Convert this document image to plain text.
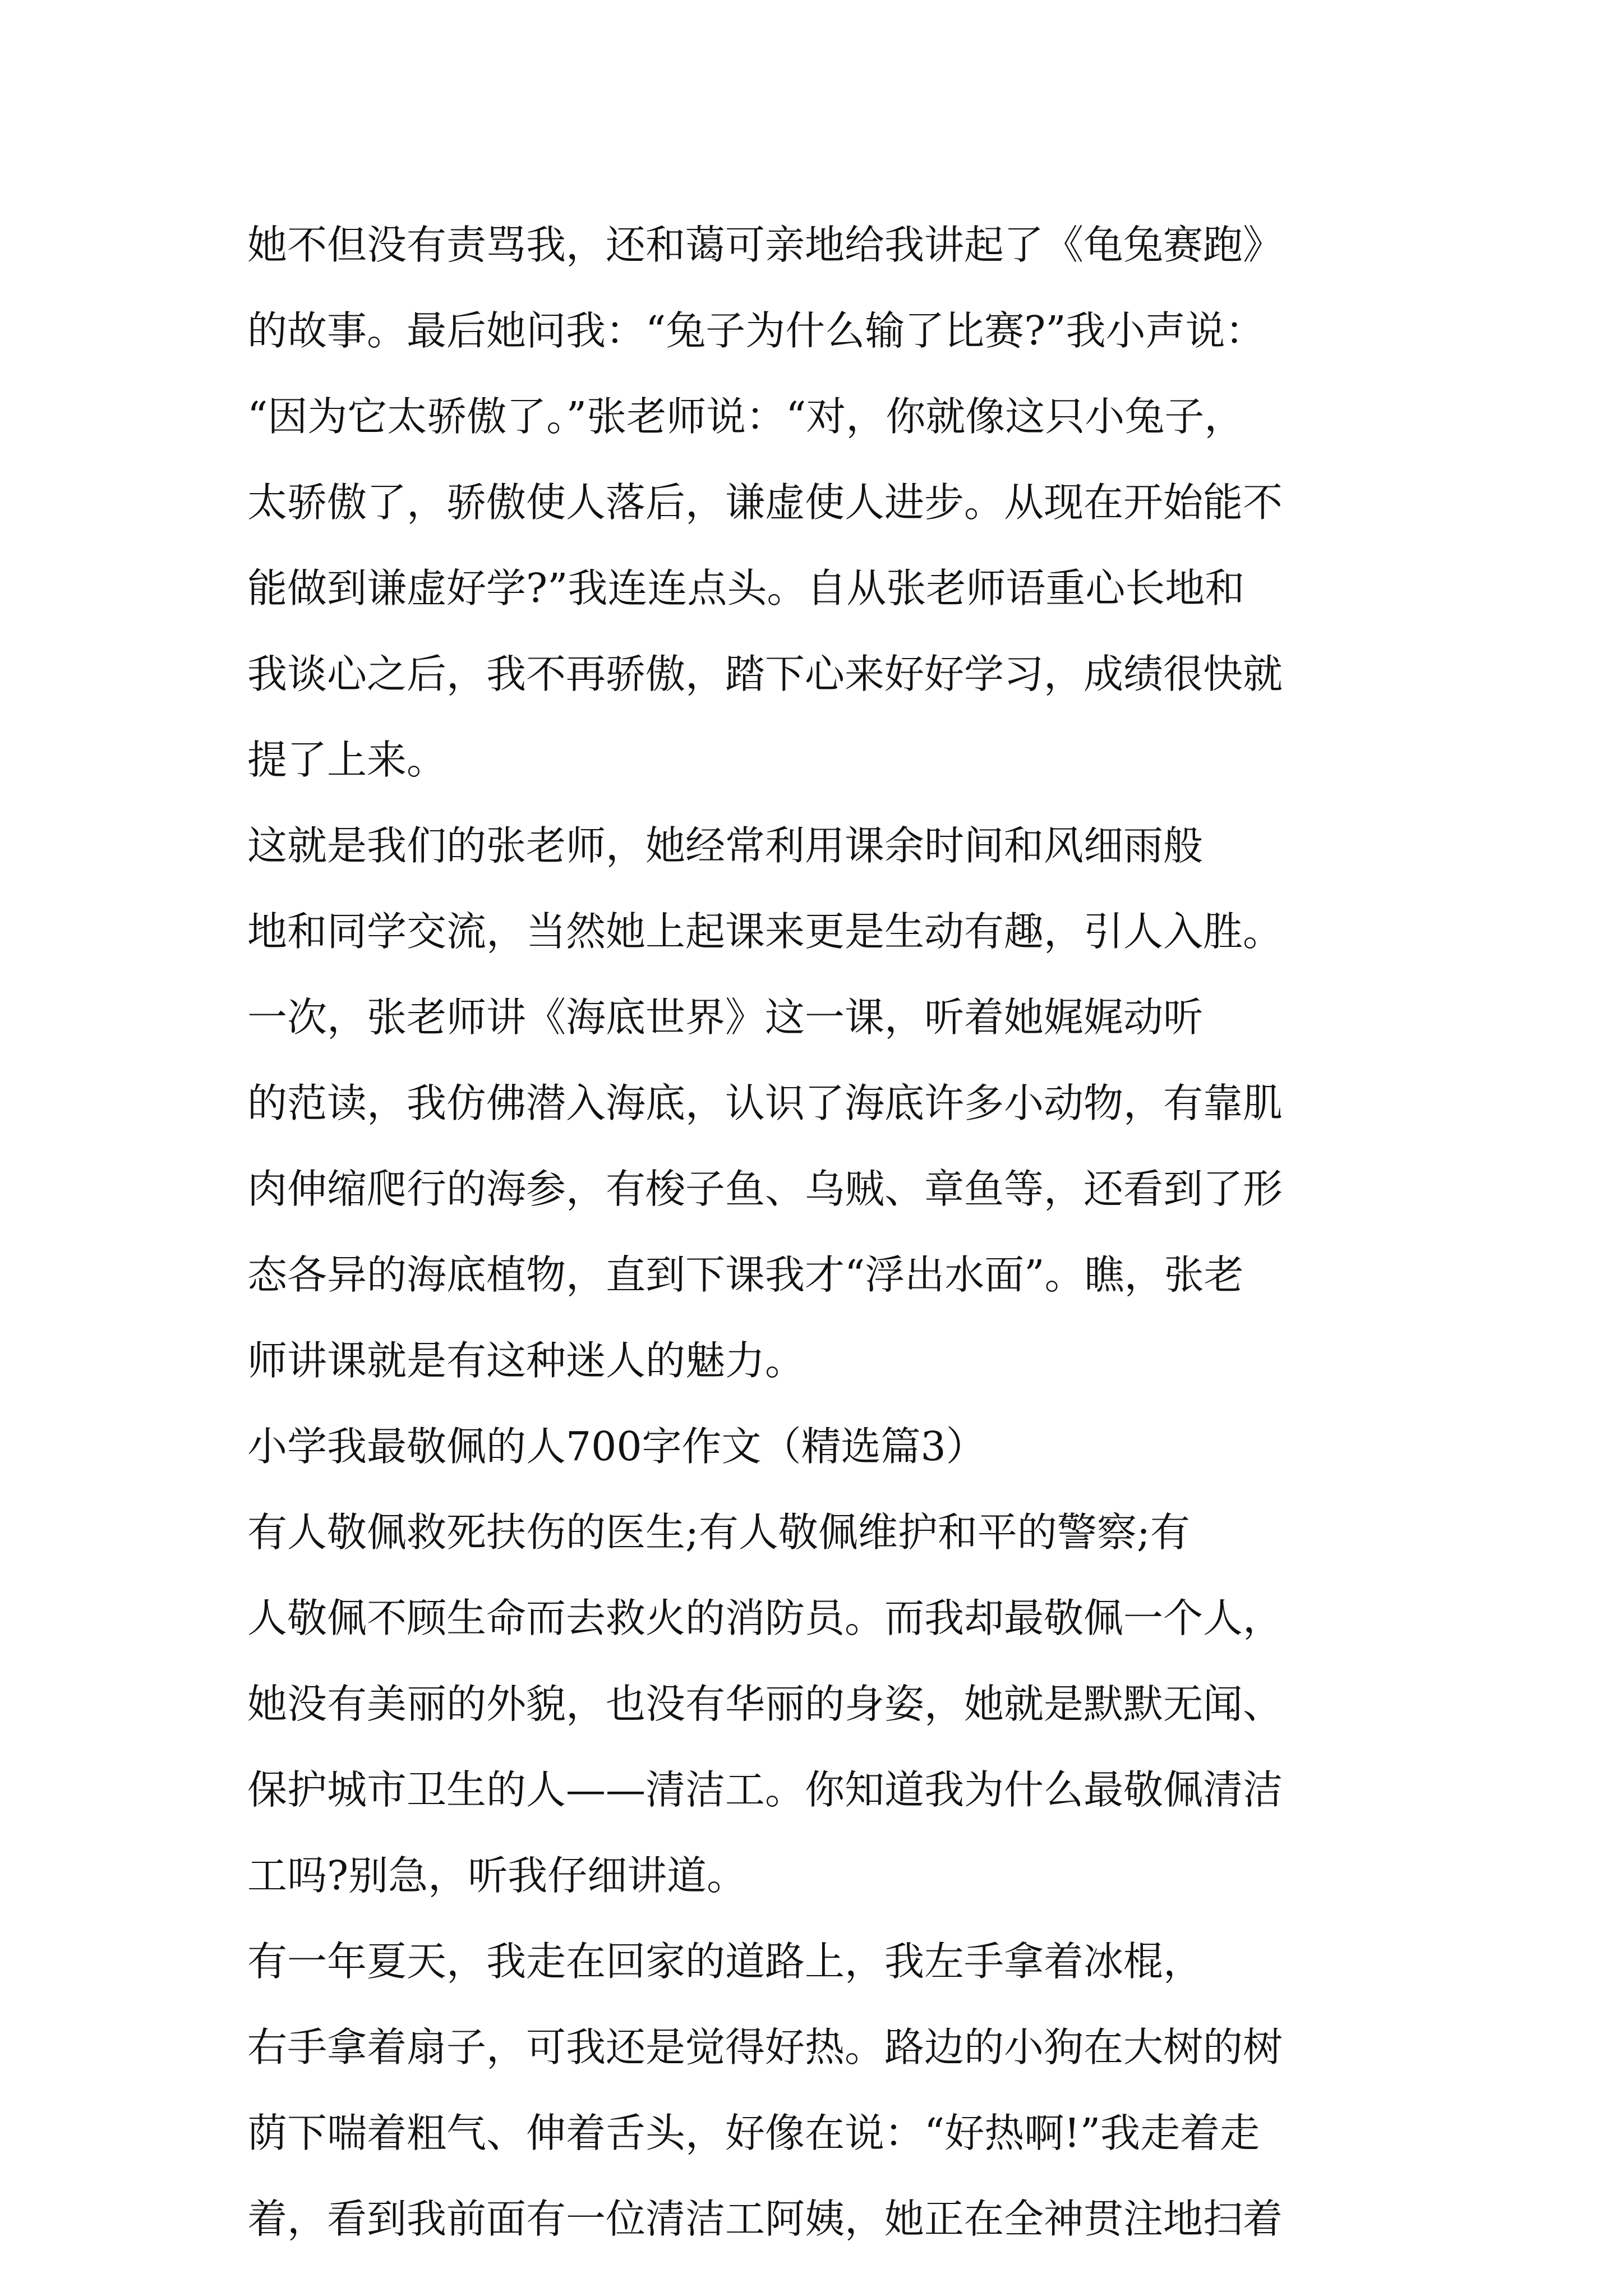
她不但没有责骂我，还和蔼可亲地给我讲起了《龟兔赛跑》

的故事。最后她问我：“兔子为什么输了比赛?”我小声说：

“因为它太骄傲了。”张老师说：“对，你就像这只小兔子，

太骄傲了，骄傲使人落后，谦虚使人进步。从现在开始能不

能做到谦虚好学?”我连连点头。自从张老师语重心长地和

我谈心之后，我不再骄傲，踏下心来好好学习，成绩很快就

提了上来。

这就是我们的张老师，她经常利用课余时间和风细雨般

地和同学交流，当然她上起课来更是生动有趣，引人入胜。

一次，张老师讲《海底世界》这一课，听着她娓娓动听

的范读，我仿佛潜入海底，认识了海底许多小动物，有靠肌

肉伸缩爬行的海参，有梭子鱼、乌贼、章鱼等，还看到了形

态各异的海底植物，直到下课我才“浮出水面”。瞧，张老

师讲课就是有这种迷人的魅力。

小学我最敬佩的人700字作文（精选篇3）

有人敬佩救死扶伤的医生;有人敬佩维护和平的警察;有

人敬佩不顾生命而去救火的消防员。而我却最敬佩一个人，

她没有美丽的外貌，也没有华丽的身姿，她就是默默无闻、

保护城市卫生的人——清洁工。你知道我为什么最敬佩清洁

工吗?别急，听我仔细讲道。

有一年夏天，我走在回家的道路上，我左手拿着冰棍，

右手拿着扇子，可我还是觉得好热。路边的小狗在大树的树

荫下喘着粗气、伸着舌头，好像在说：“好热啊!”我走着走

着，看到我前面有一位清洁工阿姨，她正在全神贯注地扫着
